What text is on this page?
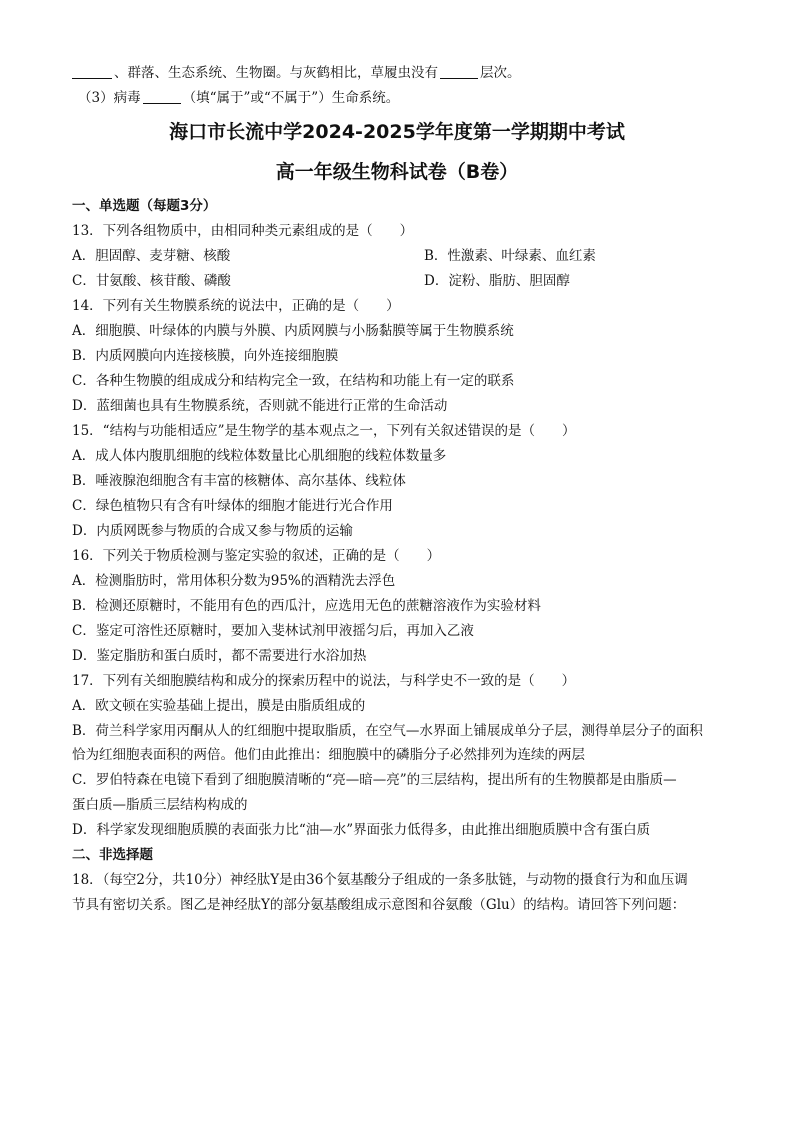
、群落、生态系统、生物圈。与灰鹤相比，草履虫没有	层次。
（3）病毒	（填“属于”或“不属于”）生命系统。
海口市长流中学2024-2025学年度第一学期期中考试
高一年级生物科试卷（B卷）
一、单选题（每题3分）
13．下列各组物质中，由相同种类元素组成的是（　　）
A．胆固醇、麦芽糖、核酸	B．性激素、叶绿素、血红素
C．甘氨酸、核苷酸、磷酸	D．淀粉、脂肪、胆固醇
14．下列有关生物膜系统的说法中，正确的是（　　）
A．细胞膜、叶绿体的内膜与外膜、内质网膜与小肠黏膜等属于生物膜系统
B．内质网膜向内连接核膜，向外连接细胞膜
C．各种生物膜的组成成分和结构完全一致，在结构和功能上有一定的联系
D．蓝细菌也具有生物膜系统，否则就不能进行正常的生命活动
15．“结构与功能相适应”是生物学的基本观点之一，下列有关叙述错误的是（　　）
A．成人体内腹肌细胞的线粒体数量比心肌细胞的线粒体数量多
B．唾液腺泡细胞含有丰富的核糖体、高尔基体、线粒体
C．绿色植物只有含有叶绿体的细胞才能进行光合作用
D．内质网既参与物质的合成又参与物质的运输
16．下列关于物质检测与鉴定实验的叙述，正确的是（　　）
A．检测脂肪时，常用体积分数为95%的酒精洗去浮色
B．检测还原糖时，不能用有色的西瓜汁，应选用无色的蔗糖溶液作为实验材料
C．鉴定可溶性还原糖时，要加入斐林试剂甲液摇匀后，再加入乙液
D．鉴定脂肪和蛋白质时，都不需要进行水浴加热
17．下列有关细胞膜结构和成分的探索历程中的说法，与科学史不一致的是（　　）
A．欧文顿在实验基础上提出，膜是由脂质组成的
B．荷兰科学家用丙酮从人的红细胞中提取脂质，在空气—水界面上铺展成单分子层，测得单层分子的面积
恰为红细胞表面积的两倍。他们由此推出：细胞膜中的磷脂分子必然排列为连续的两层
C．罗伯特森在电镜下看到了细胞膜清晰的“亮—暗—亮”的三层结构，提出所有的生物膜都是由脂质—
蛋白质—脂质三层结构构成的
D．科学家发现细胞质膜的表面张力比“油—水”界面张力低得多，由此推出细胞质膜中含有蛋白质
二、非选择题
18．（每空2分，共10分）神经肽Y是由36个氨基酸分子组成的一条多肽链，与动物的摄食行为和血压调
节具有密切关系。图乙是神经肽Y的部分氨基酸组成示意图和谷氨酸（Glu）的结构。请回答下列问题：
